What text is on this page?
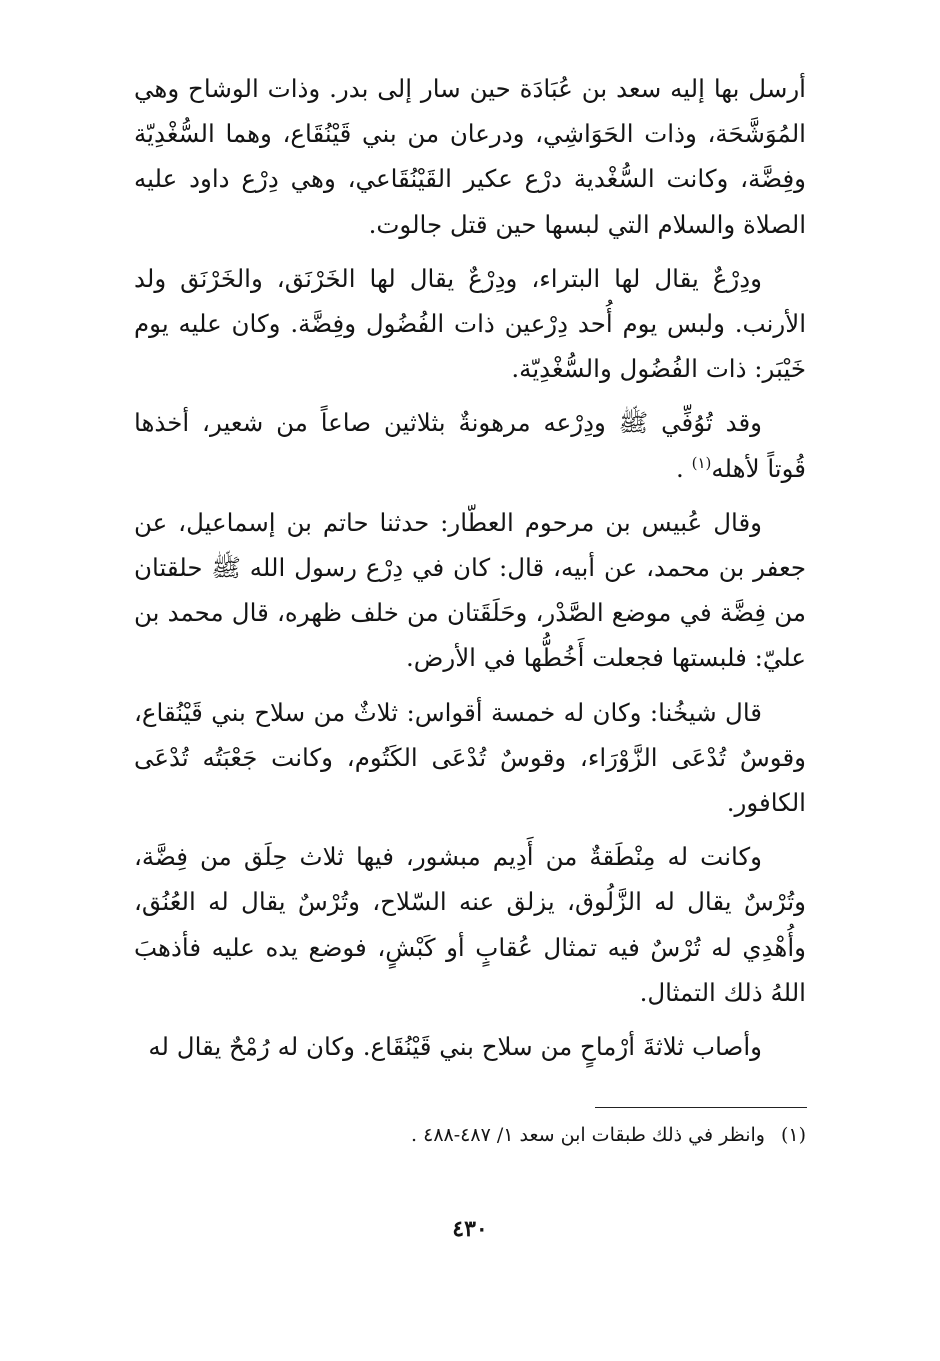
أرسل بها إليه سعد بن عُبَادَة حين سار إلى بدر. وذات الوشاح وهي المُوَشَّحَة، وذات الحَوَاشِي، ودرعان من بني قَيْنُقَاع، وهما السُّغْدِيّة وفِضَّة، وكانت السُّغْدية درْع عكير القَيْنُقَاعي، وهي دِرْع داود عليه الصلاة والسلام التي لبسها حين قتل جالوت.

ودِرْعٌ يقال لها البتراء، ودِرْعٌ يقال لها الخَرْنَق، والخَرْنَق ولد الأرنب. ولبس يوم أُحد دِرْعين ذات الفُضُول وفِضَّة. وكان عليه يوم خَيْبَر: ذات الفُضُول والسُّغْدِيّة.

وقد تُوُفِّي ﷺ ودِرْعه مرهونةٌ بثلاثين صاعاً من شعير، أخذها قُوتاً لأهله$^{(١)}$ .

وقال عُبيس بن مرحوم العطّار: حدثنا حاتم بن إسماعيل، عن جعفر بن محمد، عن أبيه، قال: كان في دِرْع رسول الله ﷺ حلقتان من فِضَّة في موضع الصَّدْر، وحَلَقَتان من خلف ظهره، قال محمد بن عليّ: فلبستها فجعلت أَخُطُّها في الأرض.

قال شيخُنا: وكان له خمسة أقواس: ثلاثٌ من سلاح بني قَيْنُقاع، وقوسٌ تُدْعَى الزَّوْرَاء، وقوسٌ تُدْعَى الكَتُوم، وكانت جَعْبَتُه تُدْعَى الكافور.

وكانت له مِنْطَقةٌ من أَدِيم مبشور، فيها ثلاث حِلَق من فِضَّة، وتُرْسٌ يقال له الزَّلُوق، يزلق عنه السّلاح، وتُرْسٌ يقال له العُنُق، وأُهْدِي له تُرْسٌ فيه تمثال عُقابٍ أو كَبْشٍ، فوضع يده عليه فأذهبَ اللهُ ذلك التمثال.

وأصاب ثلاثةَ أرْماحٍ من سلاح بني قَيْنُقَاع. وكان له رُمْحٌ يقال له

(١)وانظر في ذلك طبقات ابن سعد ١/ ٤٨٧-٤٨٨ .

٤٣٠
